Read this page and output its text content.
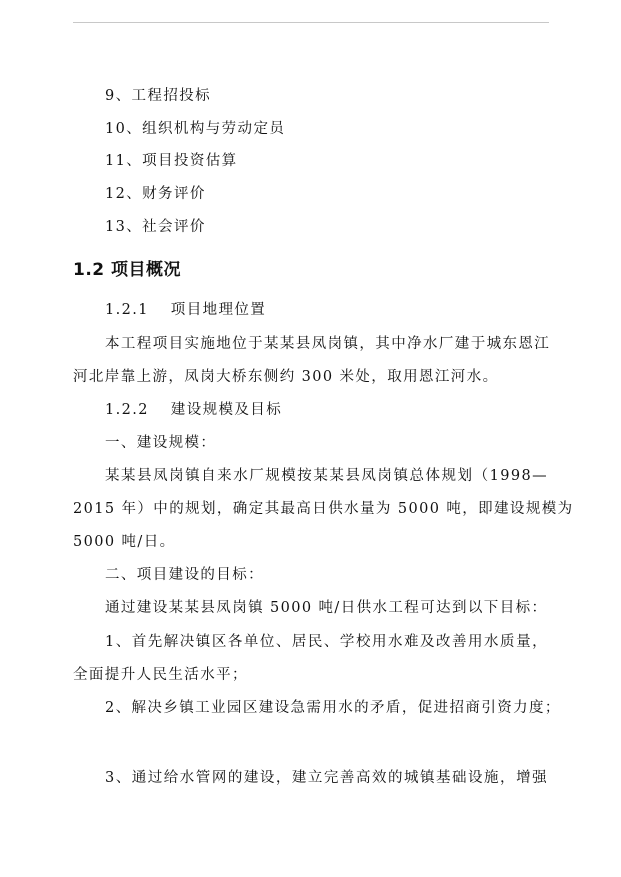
9、工程招投标
10、组织机构与劳动定员
11、项目投资估算
12、财务评价
13、社会评价
1.2 项目概况
1.2.1　 项目地理位置
本工程项目实施地位于某某县凤岗镇，其中净水厂建于城东恩江
河北岸靠上游，凤岗大桥东侧约 300 米处，取用恩江河水。
1.2.2　 建设规模及目标
一、建设规模：
某某县凤岗镇自来水厂规模按某某县凤岗镇总体规划（1998—
2015 年）中的规划，确定其最高日供水量为 5000 吨，即建设规模为
5000 吨/日。
二、项目建设的目标：
通过建设某某县凤岗镇 5000 吨/日供水工程可达到以下目标：
1、首先解决镇区各单位、居民、学校用水难及改善用水质量，
全面提升人民生活水平；
2、解决乡镇工业园区建设急需用水的矛盾，促进招商引资力度；
3、通过给水管网的建设，建立完善高效的城镇基础设施，增强
